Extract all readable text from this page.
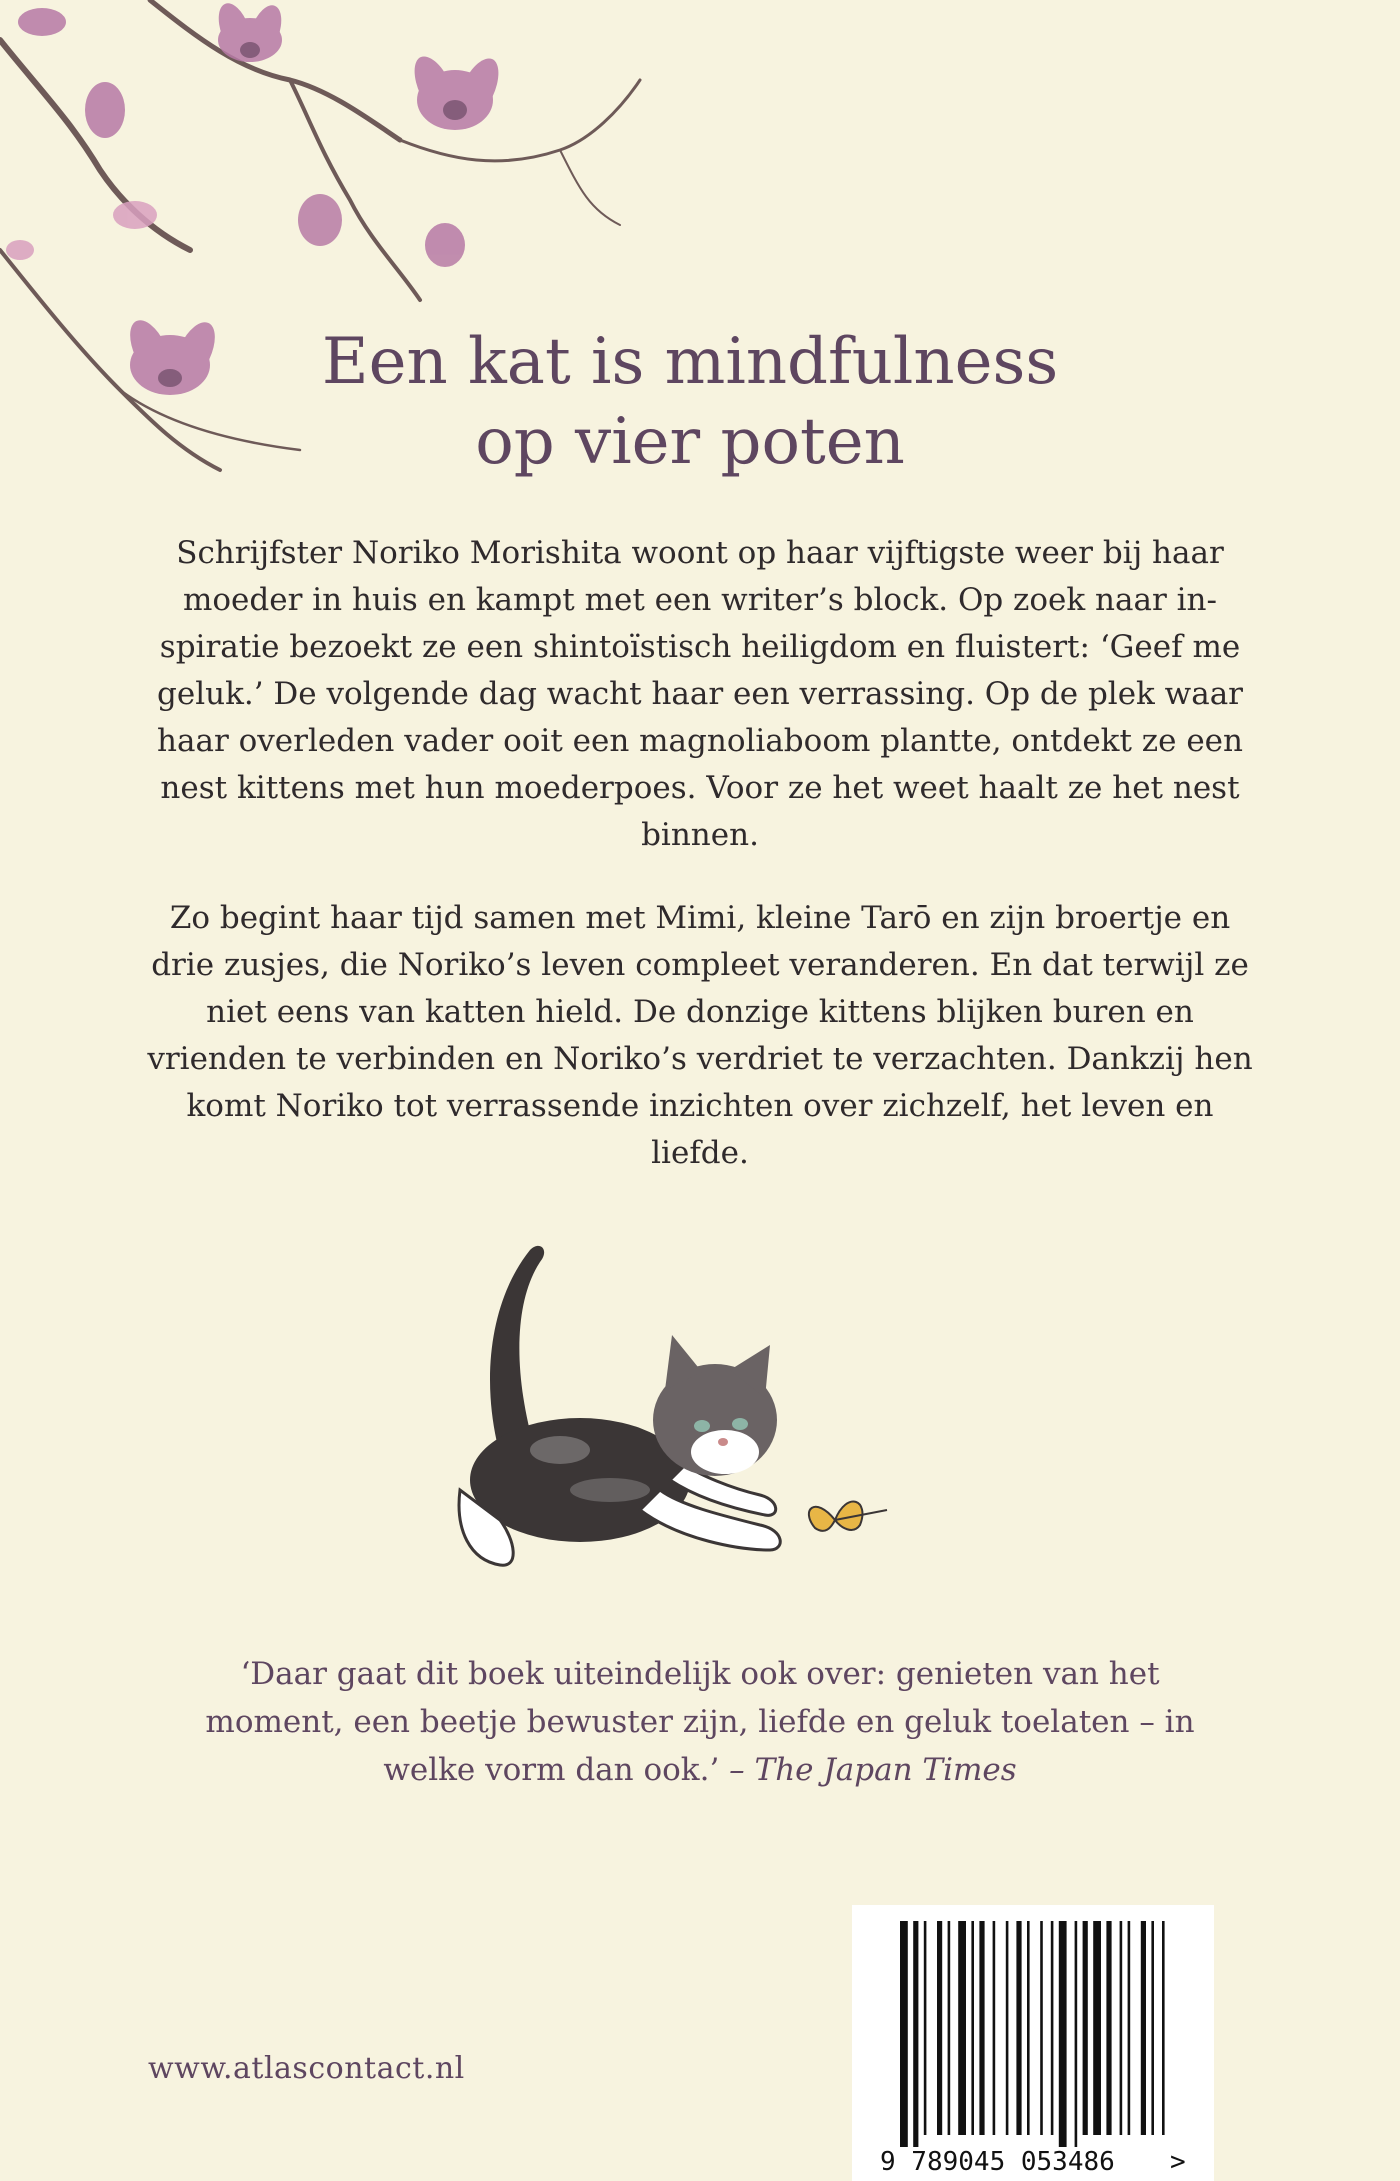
Een kat is mindfulness
op vier poten

Schrijfster Noriko Morishita woont op haar vijftigste weer bij haar moeder in huis en kampt met een writer’s block. Op zoek naar inspiratie bezoekt ze een shintoïstisch heiligdom en fluistert: ‘Geef me geluk.’ De volgende dag wacht haar een verrassing. Op de plek waar haar overleden vader ooit een magnoliaboom plantte, ontdekt ze een nest kittens met hun moederpoes. Voor ze het weet haalt ze het nest binnen.

Zo begint haar tijd samen met Mimi, kleine Tarō en zijn broertje en drie zusjes, die Noriko’s leven compleet veranderen. En dat terwijl ze niet eens van katten hield. De donzige kittens blijken buren en vrienden te verbinden en Noriko’s verdriet te verzachten. Dankzij hen komt Noriko tot verrassende inzichten over zichzelf, het leven en liefde.

‘Daar gaat dit boek uiteindelijk ook over: genieten van het moment, een beetje bewuster zijn, liefde en geluk toelaten – in welke vorm dan ook.’ – The Japan Times

www.atlascontact.nl
9 789045 053486 >
